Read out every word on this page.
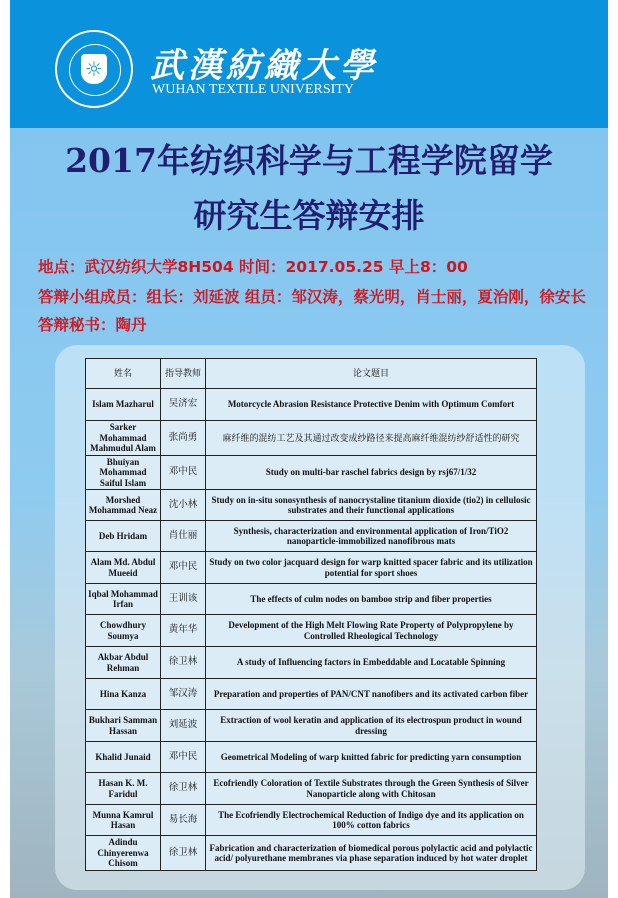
☼ 武漢紡織大學
WUHAN TEXTILE UNIVERSITY
2017年纺织科学与工程学院留学
研究生答辩安排
地点：武汉纺织大学8H504 时间：2017.05.25 早上8：00
答辩小组成员：组长：刘延波 组员：邹汉涛，蔡光明，肖士丽，夏治刚，徐安长
答辩秘书：陶丹
姓名	指导教师	论文题目
Islam Mazharul	吴济宏	Motorcycle Abrasion Resistance Protective Denim with Optimum Comfort
Sarker Mohammad Mahmudul Alam	张尚勇	麻纤维的混纺工艺及其通过改变成纱路径来提高麻纤维混纺纱舒适性的研究
Bhuiyan Mohammad Saiful Islam	邓中民	Study on multi-bar raschel fabrics design by rsj67/1/32
Morshed Mohammad Neaz	沈小林	Study on in-situ sonosynthesis of nanocrystaline titanium dioxide (tio2) in cellulosic substrates and their functional applications
Deb Hridam	肖仕丽	Synthesis, characterization and environmental application of Iron/TiO2 nanoparticle-immobilized nanofibrous mats
Alam Md. Abdul Mueeid	邓中民	Study on two color jacquard design for warp knitted spacer fabric and its utilization potential for sport shoes
Iqbal Mohammad Irfan	王训该	The effects of culm nodes on bamboo strip and fiber properties
Chowdhury Soumya	黄年华	Development of the High Melt Flowing Rate Property of Polypropylene by Controlled Rheological Technology
Akbar Abdul Rehman	徐卫林	A study of Influencing factors in Embeddable and Locatable Spinning
Hina Kanza	邹汉涛	Preparation and properties of PAN/CNT nanofibers and its activated carbon fiber
Bukhari Samman Hassan	刘延波	Extraction of wool keratin and application of its electrospun product in wound dressing
Khalid Junaid	邓中民	Geometrical Modeling of warp knitted fabric for predicting yarn consumption
Hasan K. M. Faridul	徐卫林	Ecofriendly Coloration of Textile Substrates through the Green Synthesis of Silver Nanoparticle along with Chitosan
Munna Kamrul Hasan	易长海	The Ecofriendly Electrochemical Reduction of Indigo dye and its application on 100% cotton fabrics
Adindu Chinyerenwa Chisom	徐卫林	Fabrication and characterization of biomedical porous polylactic acid and polylactic acid/ polyurethane membranes via phase separation induced by hot water droplet
